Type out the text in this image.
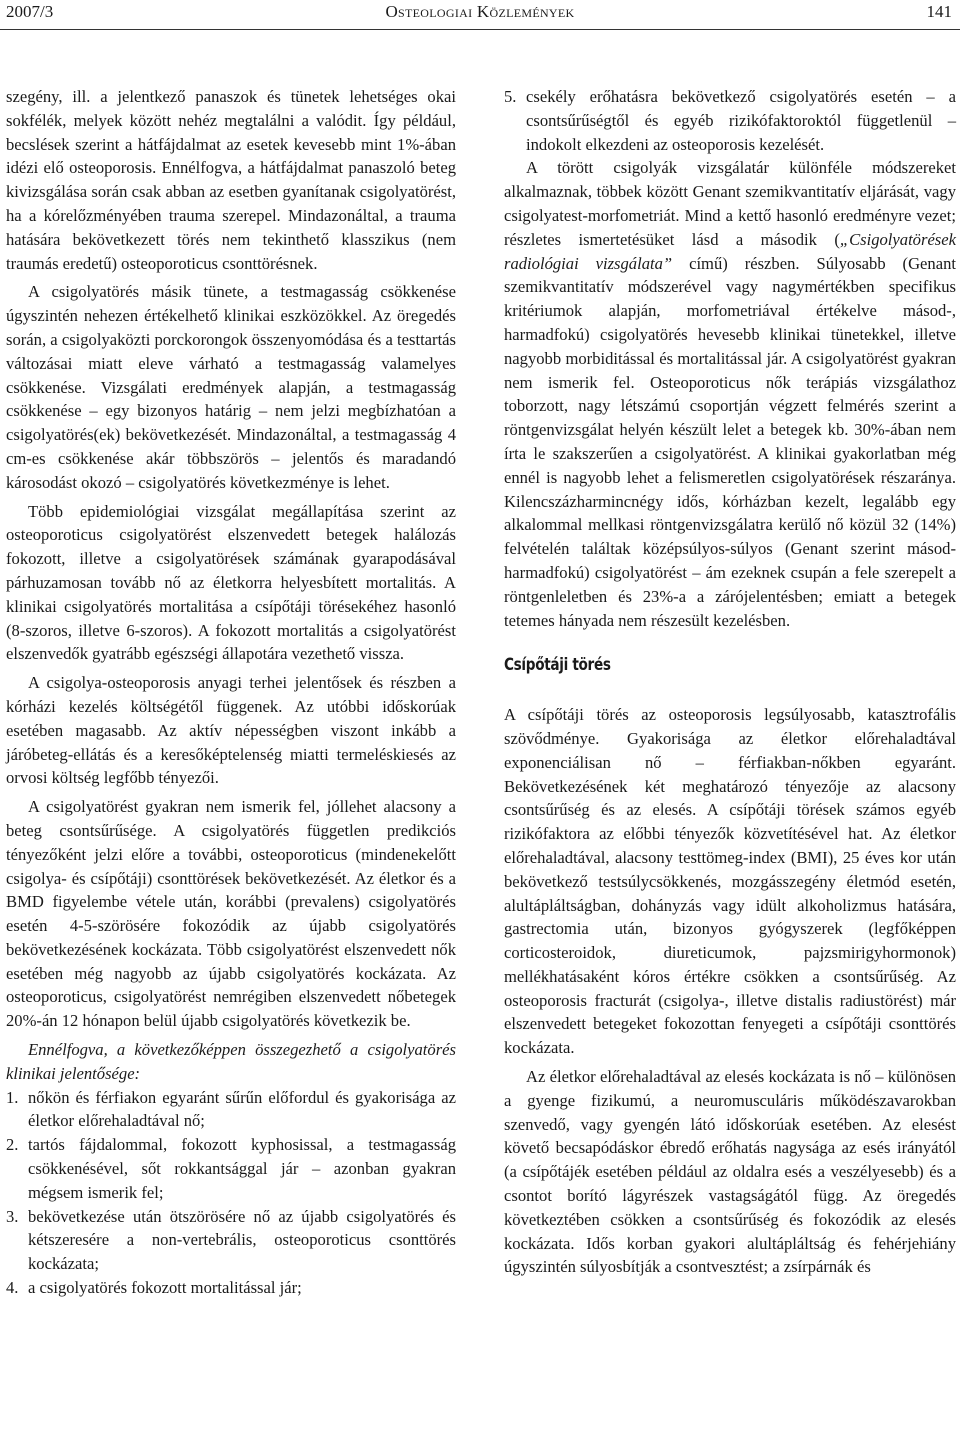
2007/3	Osteologiai Közlemények	141

szegény, ill. a jelentkező panaszok és tünetek lehetséges okai sokfélék, melyek között nehéz megtalálni a valódit. Így például, becslések szerint a hátfájdalmat az esetek kevesebb mint 1%-ában idézi elő osteoporosis. Ennélfogva, a hátfájdalmat panaszoló beteg kivizsgálása során csak abban az esetben gyanítanak csigolyatörést, ha a kórelőzményében trauma szerepel. Mindazonáltal, a trauma hatására bekövetkezett törés nem tekinthető klasszikus (nem traumás eredetű) osteoporoticus csonttörésnek.

A csigolyatörés másik tünete, a testmagasság csökkenése úgyszintén nehezen értékelhető klinikai eszközökkel. Az öregedés során, a csigolyaközti porckorongok összenyomódása és a testtartás változásai miatt eleve várható a testmagasság valamelyes csökkenése. Vizsgálati eredmények alapján, a testmagasság csökkenése – egy bizonyos határig – nem jelzi megbízhatóan a csigolyatörés(ek) bekövetkezését. Mindazonáltal, a testmagasság 4 cm-es csökkenése akár többszörös – jelentős és maradandó károsodást okozó – csigolyatörés következménye is lehet.

Több epidemiológiai vizsgálat megállapítása szerint az osteoporoticus csigolyatörést elszenvedett betegek halálozás fokozott, illetve a csigolyatörések számának gyarapodásával párhuzamosan tovább nő az életkorra helyesbített mortalitás. A klinikai csigolyatörés mortalitása a csípőtáji törésekéhez hasonló (8-szoros, illetve 6-szoros). A fokozott mortalitás a csigolyatörést elszenvedők gyatrább egészségi állapotára vezethető vissza.

A csigolya-osteoporosis anyagi terhei jelentősek és részben a kórházi kezelés költségétől függenek. Az utóbbi időskorúak esetében magasabb. Az aktív népességben viszont inkább a járóbeteg-ellátás és a keresőképtelenség miatti termeléskiesés az orvosi költség legfőbb tényezői.

A csigolyatörést gyakran nem ismerik fel, jóllehet alacsony a beteg csontsűrűsége. A csigolyatörés független predikciós tényezőként jelzi előre a további, osteoporoticus (mindenekelőtt csigolya- és csípőtáji) csonttörések bekövetkezését. Az életkor és a BMD figyelembe vétele után, korábbi (prevalens) csigolyatörés esetén 4-5-szörösére fokozódik az újabb csigolyatörés bekövetkezésének kockázata. Több csigolyatörést elszenvedett nők esetében még nagyobb az újabb csigolyatörés kockázata. Az osteoporoticus, csigolyatörést nemrégiben elszenvedett nőbetegek 20%-án 12 hónapon belül újabb csigolyatörés következik be.

Ennélfogva, a következőképpen összegezhető a csigolyatörés klinikai jelentősége:

1. nőkön és férfiakon egyaránt sűrűn előfordul és gyakorisága az életkor előrehaladtával nő;
2. tartós fájdalommal, fokozott kyphosissal, a testmagasság csökkenésével, sőt rokkantsággal jár – azonban gyakran mégsem ismerik fel;
3. bekövetkezése után ötszörösére nő az újabb csigolyatörés és kétszeresére a non-vertebrális, osteoporoticus csonttörés kockázata;
4. a csigolyatörés fokozott mortalitással jár;
5. csekély erőhatásra bekövetkező csigolyatörés esetén – a csontsűrűségtől és egyéb rizikófaktoroktól függetlenül – indokolt elkezdeni az osteoporosis kezelését.

A törött csigolyák vizsgálatár különféle módszereket alkalmaznak, többek között Genant szemikvantitatív eljárását, vagy csigolyatest-morfometriát. Mind a kettő hasonló eredményre vezet; részletes ismertetésüket lásd a második („Csigolyatörések radiológiai vizsgálata” című) részben. Súlyosabb (Genant szemikvantitatív módszerével vagy nagymértékben specifikus kritériumok alapján, morfometriával értékelve másod-, harmadfokú) csigolyatörés hevesebb klinikai tünetekkel, illetve nagyobb morbiditással és mortalitással jár. A csigolyatörést gyakran nem ismerik fel. Osteoporoticus nők terápiás vizsgálathoz toborzott, nagy létszámú csoportján végzett felmérés szerint a röntgenvizsgálat helyén készült lelet a betegek kb. 30%-ában nem írta le szakszerűen a csigolyatörést. A klinikai gyakorlatban még ennél is nagyobb lehet a felismeretlen csigolyatörések részaránya. Kilencszázharmincnégy idős, kórházban kezelt, legalább egy alkalommal mellkasi röntgenvizsgálatra kerülő nő közül 32 (14%) felvételén találtak középsúlyos-súlyos (Genant szerint másod-harmadfokú) csigolyatörést – ám ezeknek csupán a fele szerepelt a röntgenleletben és 23%-a a zárójelentésben; emiatt a betegek tetemes hányada nem részesült kezelésben.

Csípőtáji törés

A csípőtáji törés az osteoporosis legsúlyosabb, katasztrofális szövődménye. Gyakorisága az életkor előrehaladtával exponenciálisan nő – férfiakban-nőkben egyaránt. Bekövetkezésének két meghatározó tényezője az alacsony csontsűrűség és az elesés. A csípőtáji törések számos egyéb rizikófaktora az előbbi tényezők közvetítésével hat. Az életkor előrehaladtával, alacsony testtömeg-index (BMI), 25 éves kor után bekövetkező testsúlycsökkenés, mozgásszegény életmód esetén, alultápláltságban, dohányzás vagy idült alkoholizmus hatására, gastrectomia után, bizonyos gyógyszerek (legfőképpen corticosteroidok, diureticumok, pajzsmirigyhormonok) mellékhatásaként kóros értékre csökken a csontsűrűség. Az osteoporosis fracturát (csigolya-, illetve distalis radiustörést) már elszenvedett betegeket fokozottan fenyegeti a csípőtáji csonttörés kockázata.

Az életkor előrehaladtával az elesés kockázata is nő – különösen a gyenge fizikumú, a neuromusculáris működészavarokban szenvedő, vagy gyengén látó időskorúak esetében. Az elesést követő becsapódáskor ébredő erőhatás nagysága az esés irányától (a csípőtájék esetében például az oldalra esés a veszélyesebb) és a csontot borító lágyrészek vastagságától függ. Az öregedés következtében csökken a csontsűrűség és fokozódik az elesés kockázata. Idős korban gyakori alultápláltság és fehérjehiány úgyszintén súlyosbítják a csontvesztést; a zsírpárnák és
